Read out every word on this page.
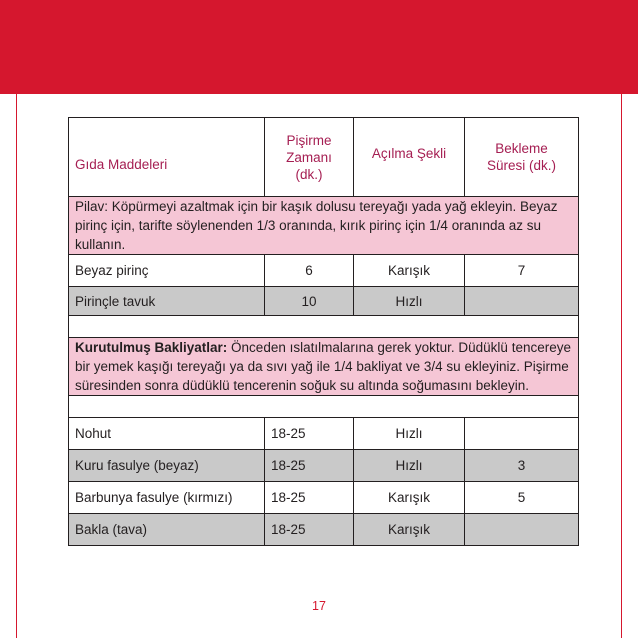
Gıda Maddeleri	Pişirme
Zamanı
(dk.)	Açılma Şekli	Bekleme
Süresi (dk.)
Pilav: Köpürmeyi azaltmak için bir kaşık dolusu tereyağı yada yağ ekleyin. Beyaz pirinç için, tarifte söylenenden 1/3 oranında, kırık pirinç için 1/4 oranında az su kullanın.			
Beyaz pirinç	6	Karışık	7
Pirinçle tavuk	10	Hızlı	

Kurutulmuş Bakliyatlar: Önceden ıslatılmalarına gerek yoktur. Düdüklü tencereye bir yemek kaşığı tereyağı ya da sıvı yağ ile 1/4 bakliyat ve 3/4 su ekleyiniz. Pişirme süresinden sonra düdüklü tencerenin soğuk su altında soğumasını bekleyin.			

Nohut	18-25	Hızlı	
Kuru fasulye (beyaz)	18-25	Hızlı	3
Barbunya fasulye (kırmızı)	18-25	Karışık	5
Bakla (tava)	18-25	Karışık	
17
